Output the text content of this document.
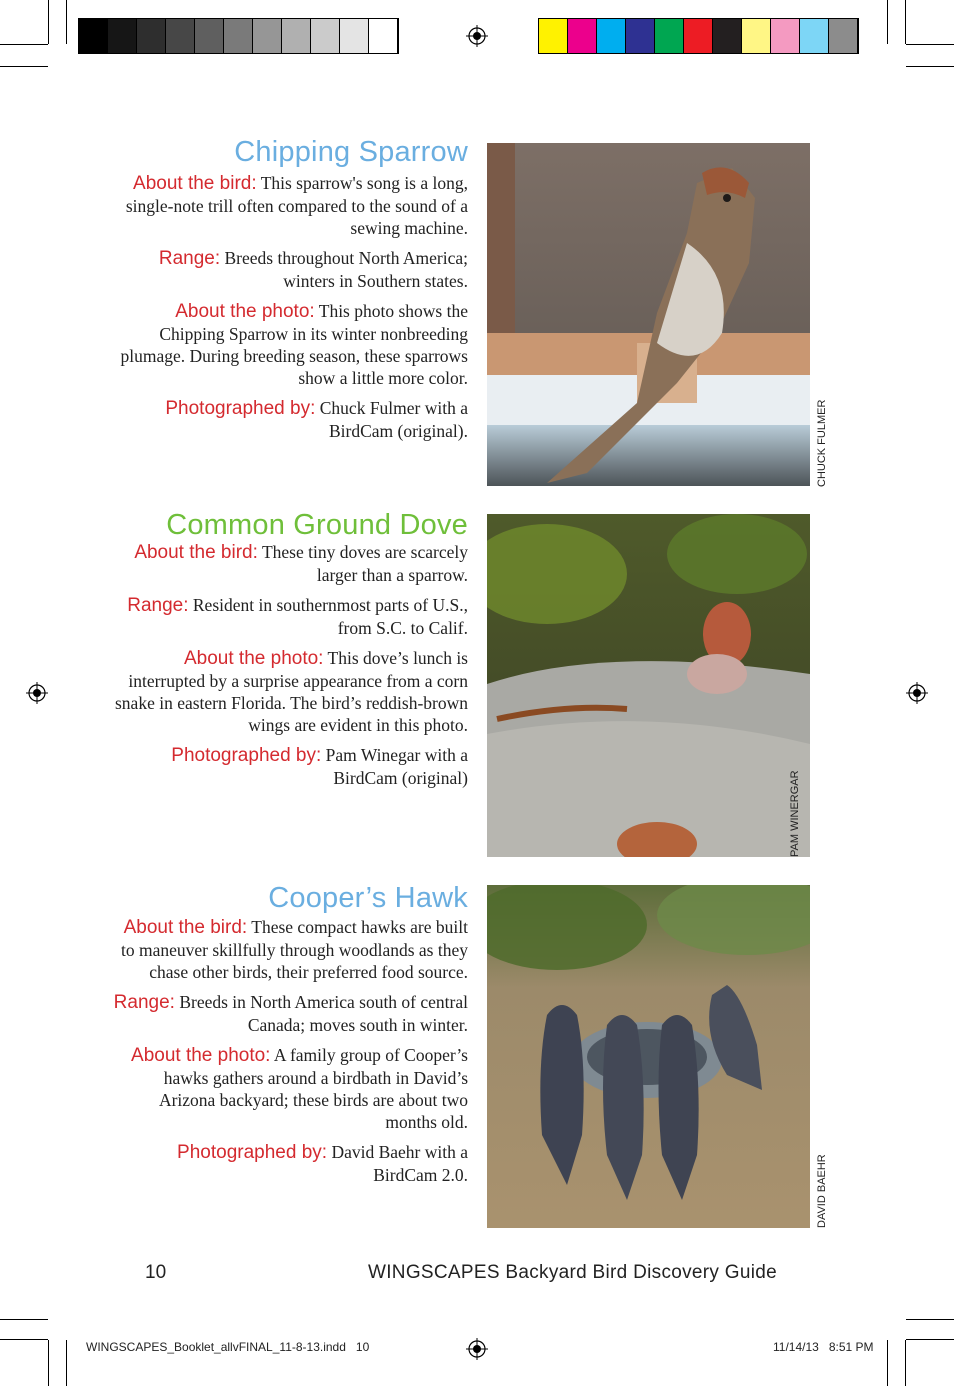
Chipping Sparrow

About the bird: This sparrow's song is a long, single-note trill often compared to the sound of a sewing machine.

Range: Breeds throughout North America; winters in Southern states.

About the photo: This photo shows the Chipping Sparrow in its winter nonbreeding plumage. During breeding season, these sparrows show a little more color.

Photographed by: Chuck Fulmer with a BirdCam (original).	CHUCK FULMER
Common Ground Dove

About the bird: These tiny doves are scarcely larger than a sparrow.

Range: Resident in southernmost parts of U.S., from S.C. to Calif.

About the photo: This dove’s lunch is interrupted by a surprise appearance from a corn snake in eastern Florida. The bird’s reddish-brown wings are evident in this photo.

Photographed by: Pam Winegar with a BirdCam (original)	PAM WINERGAR
Cooper’s Hawk

About the bird: These compact hawks are built to maneuver skillfully through woodlands as they chase other birds, their preferred food source.

Range: Breeds in North America south of central Canada; moves south in winter.

About the photo: A family group of Cooper’s hawks gathers around a birdbath in David’s Arizona backyard; these birds are about two months old.

Photographed by: David Baehr with a BirdCam 2.0.	DAVID BAEHR
10	WINGSCAPES Backyard Bird Discovery Guide
WINGSCAPES_Booklet_allvFINAL_11-8-13.indd   10	11/14/13   8:51 PM
